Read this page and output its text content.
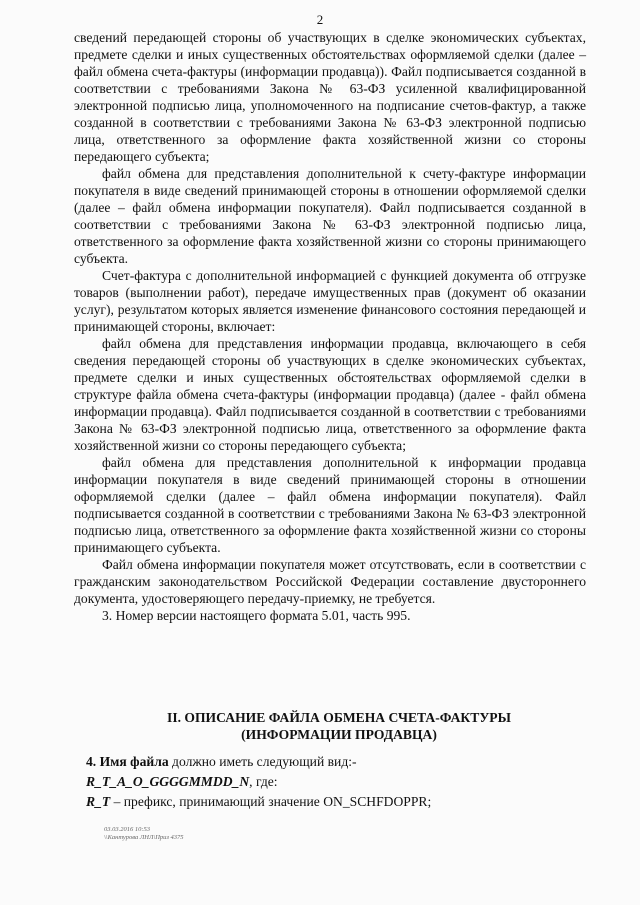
2

сведений передающей стороны об участвующих в сделке экономических субъектах, предмете сделки и иных существенных обстоятельствах оформляемой сделки (далее – файл обмена счета-фактуры (информации продавца)). Файл подписывается созданной в соответствии с требованиями Закона № 63-ФЗ усиленной квалифицированной электронной подписью лица, уполномоченного на подписание счетов-фактур, а также созданной в соответствии с требованиями Закона № 63-ФЗ электронной подписью лица, ответственного за оформление факта хозяйственной жизни со стороны передающего субъекта;

файл обмена для представления дополнительной к счету-фактуре информации покупателя в виде сведений принимающей стороны в отношении оформляемой сделки (далее – файл обмена информации покупателя). Файл подписывается созданной в соответствии с требованиями Закона № 63-ФЗ электронной подписью лица, ответственного за оформление факта хозяйственной жизни со стороны принимающего субъекта.

Счет-фактура с дополнительной информацией с функцией документа об отгрузке товаров (выполнении работ), передаче имущественных прав (документ об оказании услуг), результатом которых является изменение финансового состояния передающей и принимающей стороны, включает:

файл обмена для представления информации продавца, включающего в себя сведения передающей стороны об участвующих в сделке экономических субъектах, предмете сделки и иных существенных обстоятельствах оформляемой сделки в структуре файла обмена счета-фактуры (информации продавца) (далее - файл обмена информации продавца). Файл подписывается созданной в соответствии с требованиями Закона № 63-ФЗ электронной подписью лица, ответственного за оформление факта хозяйственной жизни со стороны передающего субъекта;

файл обмена для представления дополнительной к информации продавца информации покупателя в виде сведений принимающей стороны в отношении оформляемой сделки (далее – файл обмена информации покупателя). Файл подписывается созданной в соответствии с требованиями Закона № 63-ФЗ электронной подписью лица, ответственного за оформление факта хозяйственной жизни со стороны принимающего субъекта.

Файл обмена информации покупателя может отсутствовать, если в соответствии с гражданским законодательством Российской Федерации составление двустороннего документа, удостоверяющего передачу-приемку, не требуется.

3. Номер версии настоящего формата 5.01, часть 995.

II. ОПИСАНИЕ ФАЙЛА ОБМЕНА СЧЕТА-ФАКТУРЫ
(ИНФОРМАЦИИ ПРОДАВЦА)

4. Имя файла должно иметь следующий вид:-

R_T_A_O_GGGGMMDD_N, где:

R_T – префикс, принимающий значение ON_SCHFDOPPR;

03.03.2016 10:53
\\Кантурова ЛНЛ\Приз 4375
